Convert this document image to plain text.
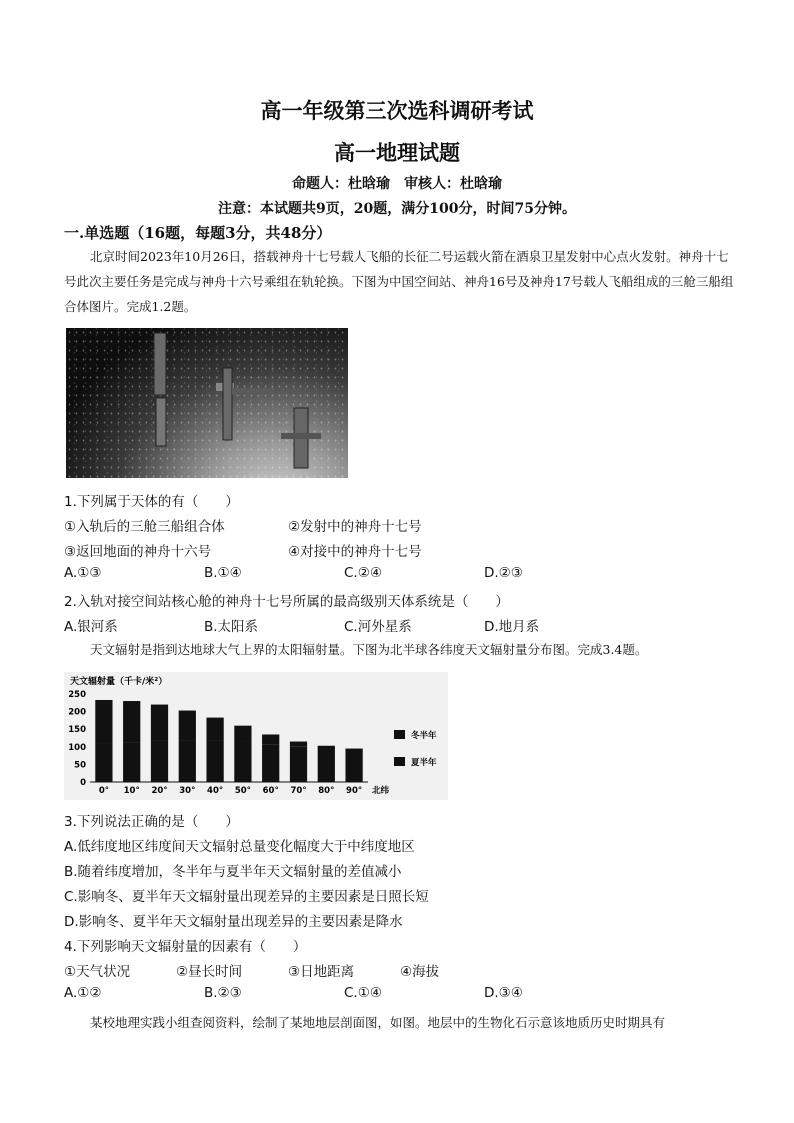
高一年级第三次选科调研考试
高一地理试题
命题人：杜晗瑜　审核人：杜晗瑜
注意：本试题共9页，20题，满分100分，时间75分钟。
一.单选题（16题，每题3分，共48分）
北京时间2023年10月26日，搭载神舟十七号载人飞船的长征二号运载火箭在酒泉卫星发射中心点火发射。神舟十七号此次主要任务是完成与神舟十六号乘组在轨轮换。下图为中国空间站、神舟16号及神舟17号载人飞船组成的三舱三船组合体图片。完成1.2题。
1.下列属于天体的有（　　）
①入轨后的三舱三船组合体	②发射中的神舟十七号
③返回地面的神舟十六号	④对接中的神舟十七号
A.①③	B.①④	C.②④	D.②③
2.入轨对接空间站核心舱的神舟十七号所属的最高级别天体系统是（　　）
A.银河系	B.太阳系	C.河外星系	D.地月系
天文辐射是指到达地球大气上界的太阳辐射量。下图为北半球各纬度天文辐射量分布图。完成3.4题。
天文辐射量（千卡/米²）
0
50
100
150
200
250
0° 10° 20° 30° 40° 50° 60° 70° 80° 90° 北纬
冬半年
夏半年
3.下列说法正确的是（　　）
A.低纬度地区纬度间天文辐射总量变化幅度大于中纬度地区
B.随着纬度增加，冬半年与夏半年天文辐射量的差值减小
C.影响冬、夏半年天文辐射量出现差异的主要因素是日照长短
D.影响冬、夏半年天文辐射量出现差异的主要因素是降水
4.下列影响天文辐射量的因素有（　　）
①天气状况	②昼长时间	③日地距离	④海拔
A.①②	B.②③	C.①④	D.③④
某校地理实践小组查阅资料，绘制了某地地层剖面图，如图。地层中的生物化石示意该地质历史时期具有
